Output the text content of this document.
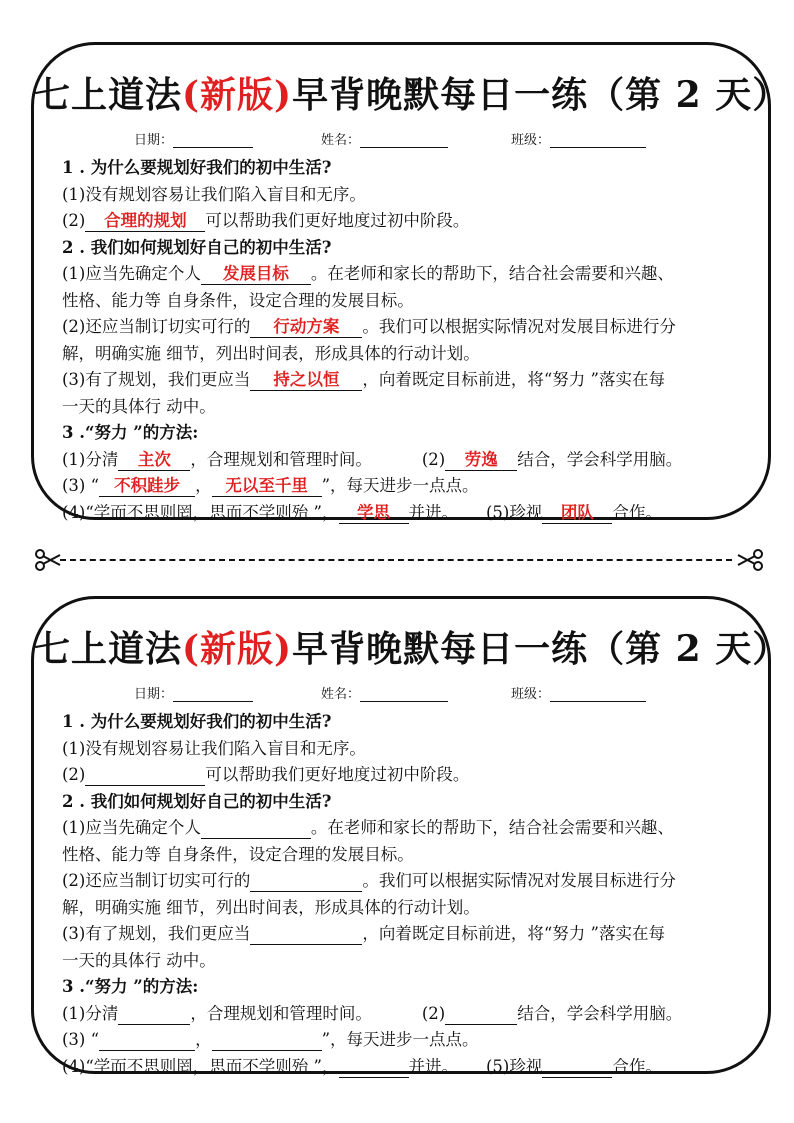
七上道法(新版)早背晚默每日一练（第 2 天）
日期：	姓名：	班级：

1 . 为什么要规划好我们的初中生活?

(1)没有规划容易让我们陷入盲目和无序。

(2) 合理的规划 可以帮助我们更好地度过初中阶段。

2 . 我们如何规划好自己的初中生活?

(1)应当先确定个人 发展目标 。在老师和家长的帮助下，结合社会需要和兴趣、

性格、能力等 自身条件，设定合理的发展目标。

(2)还应当制订切实可行的 行动方案 。我们可以根据实际情况对发展目标进行分

解，明确实施 细节，列出时间表，形成具体的行动计划。

(3)有了规划，我们更应当 持之以恒 ，向着既定目标前进，将“努力 ”落实在每

一天的具体行 动中。

3 .“努力 ”的方法:

(1)分清 主次 ，合理规划和管理时间。	(2) 劳逸 结合，学会科学用脑。

(3) “ 不积跬步 ， 无以至千里 ”，每天进步一点点。

(4)“学而不思则罔，思而不学则殆 ”， 学思 并进。 (5)珍视 团队 合作。

七上道法(新版)早背晚默每日一练（第 2 天）
日期：	姓名：	班级：

1 . 为什么要规划好我们的初中生活?

(1)没有规划容易让我们陷入盲目和无序。

(2)	可以帮助我们更好地度过初中阶段。

2 . 我们如何规划好自己的初中生活?

(1)应当先确定个人	。在老师和家长的帮助下，结合社会需要和兴趣、

性格、能力等 自身条件，设定合理的发展目标。

(2)还应当制订切实可行的	。我们可以根据实际情况对发展目标进行分

解，明确实施 细节，列出时间表，形成具体的行动计划。

(3)有了规划，我们更应当	，向着既定目标前进，将“努力 ”落实在每

一天的具体行 动中。

3 .“努力 ”的方法:

(1)分清	，合理规划和管理时间。	(2)	结合，学会科学用脑。

(3) “	，	”，每天进步一点点。

(4)“学而不思则罔，思而不学则殆 ”，	并进。 (5)珍视	合作。
